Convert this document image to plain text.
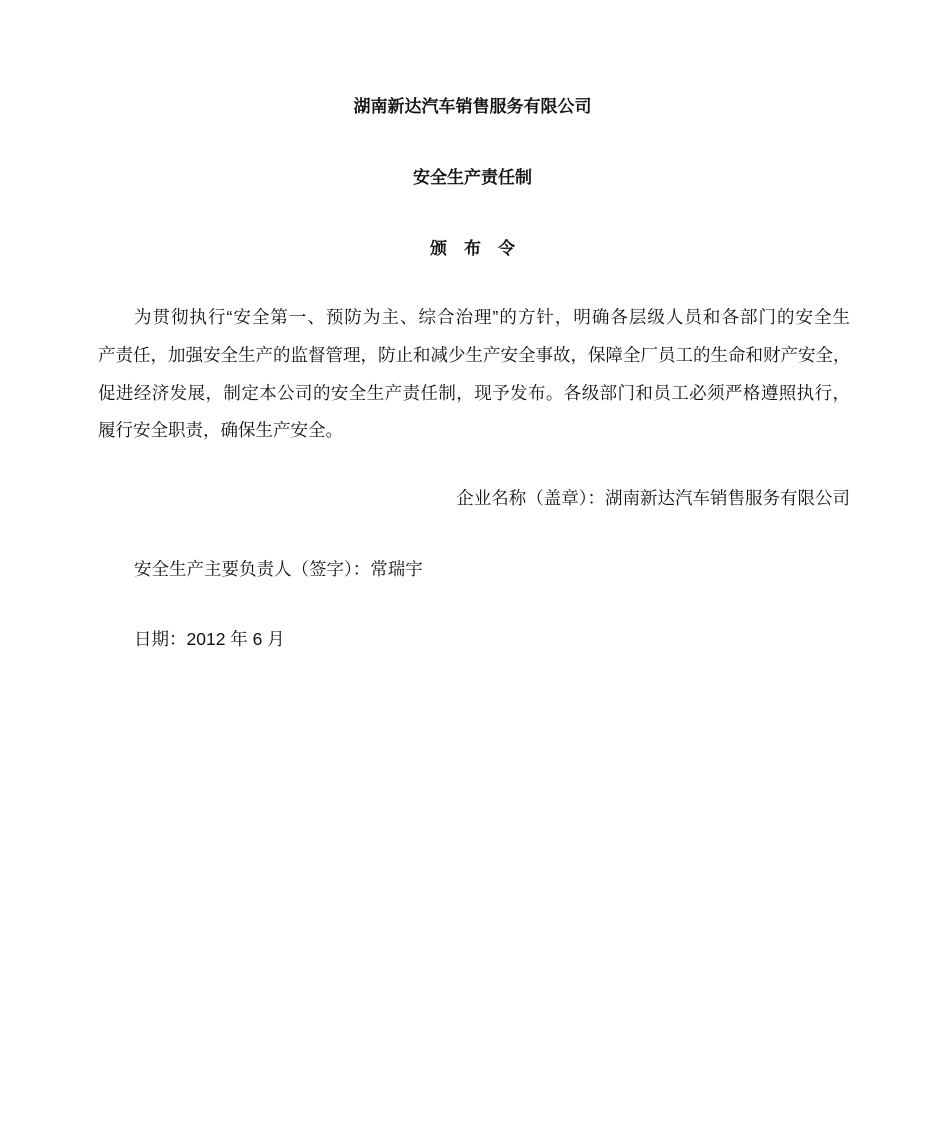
湖南新达汽车销售服务有限公司
安全生产责任制
颁　布　令
为贯彻执行“安全第一、预防为主、综合治理”的方针，明确各层级人员和各部门的安全生
产责任，加强安全生产的监督管理，防止和减少生产安全事故，保障全厂员工的生命和财产安全，
促进经济发展，制定本公司的安全生产责任制，现予发布。各级部门和员工必须严格遵照执行，
履行安全职责，确保生产安全。
企业名称（盖章）：湖南新达汽车销售服务有限公司
安全生产主要负责人（签字）：常瑞宇
日期：2012 年 6 月
